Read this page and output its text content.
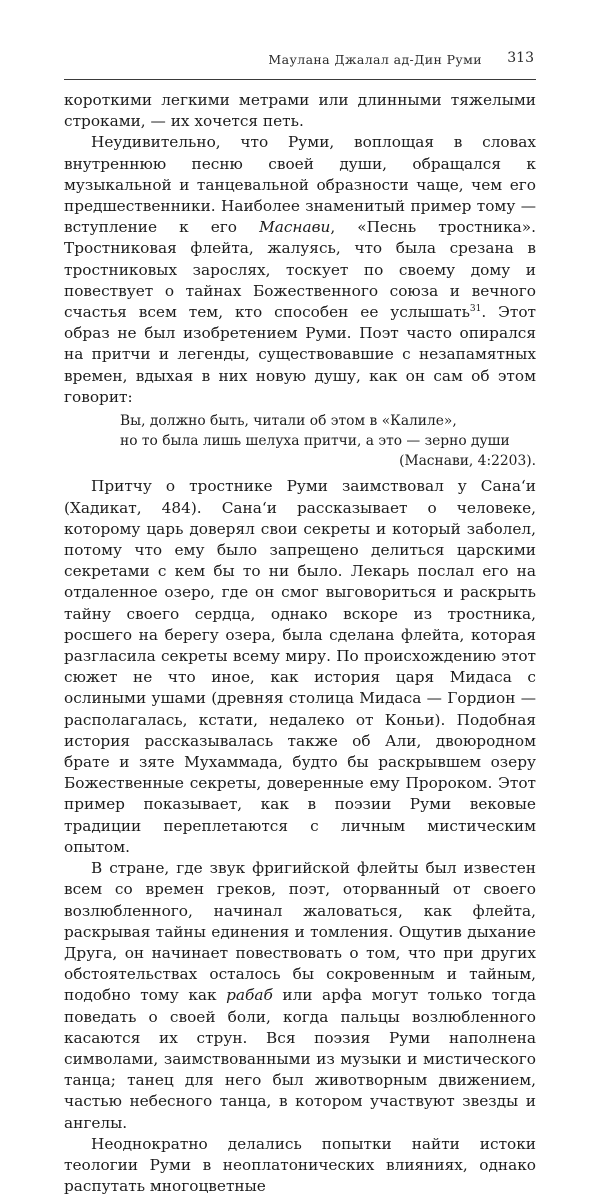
Маулана Джалал ад-Дин Руми 313

короткими легкими метрами или длинными тяжелыми строками, — их хочется петь.

Неудивительно, что Руми, воплощая в словах внутреннюю песню своей души, обращался к музыкальной и танцевальной образности чаще, чем его предшественники. Наиболее знаменитый пример тому — вступление к его Маснави, «Песнь тростника». Тростниковая флейта, жалуясь, что была срезана в тростниковых зарослях, тоскует по своему дому и повествует о тайнах Божественного союза и вечного счастья всем тем, кто способен ее услышать$^{31}$. Этот образ не был изобретением Руми. Поэт часто опирался на притчи и легенды, существовавшие с незапамятных времен, вдыхая в них новую душу, как он сам об этом говорит:

Вы, должно быть, читали об этом в «Калиле»,
но то была лишь шелуха притчи, а это — зерно души
(Маснави, 4:2203).

Притчу о тростнике Руми заимствовал у Сана‘и (Хадикат, 484). Сана‘и рассказывает о человеке, которому царь доверял свои секреты и который заболел, потому что ему было запрещено делиться царскими секретами с кем бы то ни было. Лекарь послал его на отдаленное озеро, где он смог выговориться и раскрыть тайну своего сердца, однако вскоре из тростника, росшего на берегу озера, была сделана флейта, которая разгласила секреты всему миру. По происхождению этот сюжет не что иное, как история царя Мидаса с ослиными ушами (древняя столица Мидаса — Гордион — располагалась, кстати, недалеко от Коньи). Подобная история рассказывалась также об Али, двоюродном брате и зяте Мухаммада, будто бы раскрывшем озеру Божественные секреты, доверенные ему Пророком. Этот пример показывает, как в поэзии Руми вековые традиции переплетаются с личным мистическим опытом.

В стране, где звук фригийской флейты был известен всем со времен греков, поэт, оторванный от своего возлюбленного, начинал жаловаться, как флейта, раскрывая тайны единения и томления. Ощутив дыхание Друга, он начинает повествовать о том, что при других обстоятельствах осталось бы сокровенным и тайным, подобно тому как рабаб или арфа могут только тогда поведать о своей боли, когда пальцы возлюбленного касаются их струн. Вся поэзия Руми наполнена символами, заимствованными из музыки и мистического танца; танец для него был животворным движением, частью небесного танца, в котором участвуют звезды и ангелы.

Неоднократно делались попытки найти истоки теологии Руми в неоплатонических влияниях, однако распутать многоцветные
